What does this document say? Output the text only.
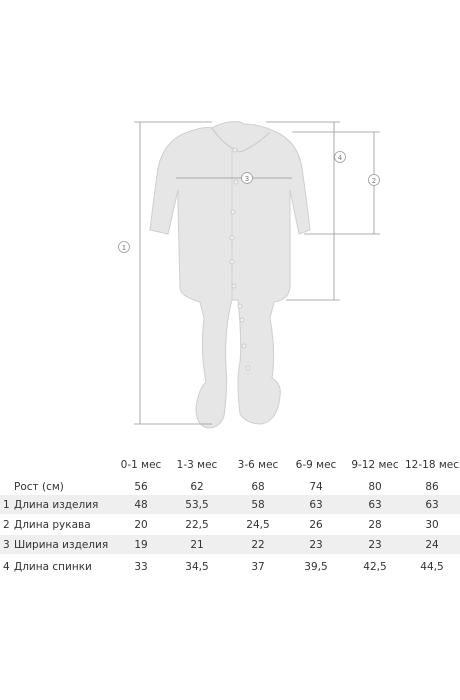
1
2
3
4
0-1 мес	1-3 мес	3-6 мес	6-9 мес	9-12 мес 12-18 мес
Рост (см)	56	62	68	74	80	86
1 Длина изделия	48	53,5	58	63	63	63
2 Длина рукава	20	22,5	24,5	26	28	30
3 Ширина изделия	19	21	22	23	23	24
4 Длина спинки	33	34,5	37	39,5	42,5	44,5
